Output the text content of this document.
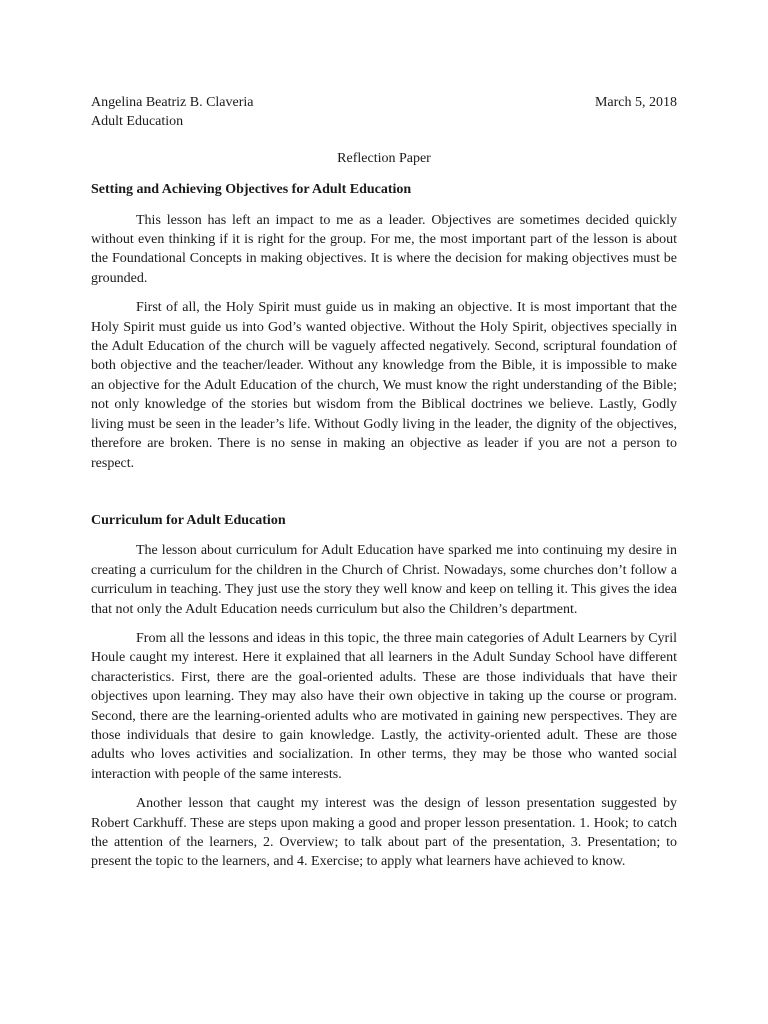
Angelina Beatriz B. Claveria	March 5, 2018
Adult Education
Reflection Paper
Setting and Achieving Objectives for Adult Education

This lesson has left an impact to me as a leader. Objectives are sometimes decided quickly without even thinking if it is right for the group. For me, the most important part of the lesson is about the Foundational Concepts in making objectives. It is where the decision for making objectives must be grounded.

First of all, the Holy Spirit must guide us in making an objective. It is most important that the Holy Spirit must guide us into God’s wanted objective. Without the Holy Spirit, objectives specially in the Adult Education of the church will be vaguely affected negatively. Second, scriptural foundation of both objective and the teacher/leader. Without any knowledge from the Bible, it is impossible to make an objective for the Adult Education of the church, We must know the right understanding of the Bible; not only knowledge of the stories but wisdom from the Biblical doctrines we believe. Lastly, Godly living must be seen in the leader’s life. Without Godly living in the leader, the dignity of the objectives, therefore are broken. There is no sense in making an objective as leader if you are not a person to respect.

Curriculum for Adult Education

The lesson about curriculum for Adult Education have sparked me into continuing my desire in creating a curriculum for the children in the Church of Christ. Nowadays, some churches don’t follow a curriculum in teaching. They just use the story they well know and keep on telling it. This gives the idea that not only the Adult Education needs curriculum but also the Children’s department.

From all the lessons and ideas in this topic, the three main categories of Adult Learners by Cyril Houle caught my interest. Here it explained that all learners in the Adult Sunday School have different characteristics. First, there are the goal-oriented adults. These are those individuals that have their objectives upon learning. They may also have their own objective in taking up the course or program. Second, there are the learning-oriented adults who are motivated in gaining new perspectives. They are those individuals that desire to gain knowledge. Lastly, the activity-oriented adult. These are those adults who loves activities and socialization. In other terms, they may be those who wanted social interaction with people of the same interests.

Another lesson that caught my interest was the design of lesson presentation suggested by Robert Carkhuff. These are steps upon making a good and proper lesson presentation. 1. Hook; to catch the attention of the learners, 2. Overview; to talk about part of the presentation, 3. Presentation; to present the topic to the learners, and 4. Exercise; to apply what learners have achieved to know.
